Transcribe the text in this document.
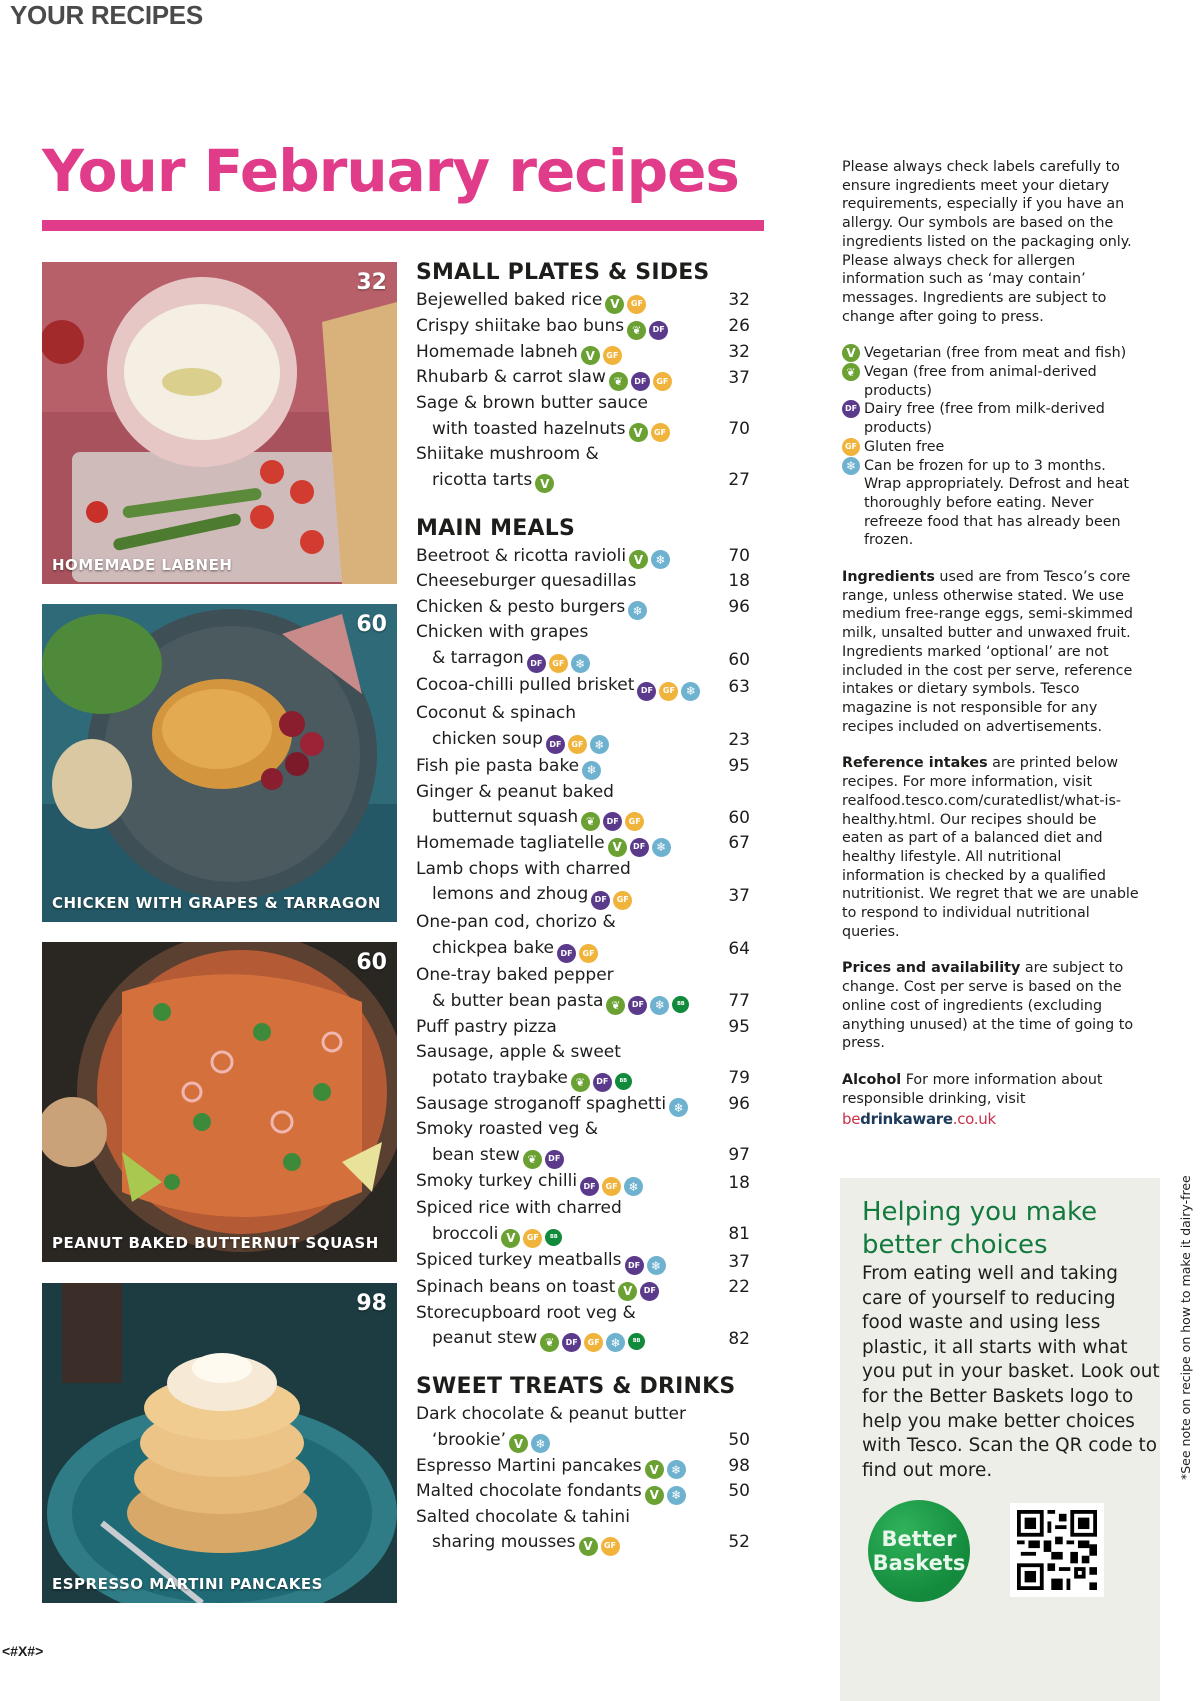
YOUR RECIPES
Your February recipes
32
HOMEMADE LABNEH
60
CHICKEN WITH GRAPES & TARRAGON
60
PEANUT BAKED BUTTERNUT SQUASH
98
ESPRESSO MARTINI PANCAKES
SMALL PLATES & SIDES
Bejewelled baked rice V	GF	32
Crispy shiitake bao buns ❦	DF	26
Homemade labneh V	GF	32
Rhubarb & carrot slaw ❦	DF	GF	37
Sage & brown butter sauce
with toasted hazelnuts V	GF	70
Shiitake mushroom &
ricotta tarts V	27
MAIN MEALS
Beetroot & ricotta ravioli V	❄	70
Cheeseburger quesadillas	18
Chicken & pesto burgers ❄	96
Chicken with grapes
& tarragon DF	GF ❄	60
Cocoa-chilli pulled brisket DF	GF ❄ 63
Coconut & spinach
chicken soup DF	GF ❄	23
Fish pie pasta bake ❄	95
Ginger & peanut baked
butternut squash ❦	DF	GF	60
Homemade tagliatelle V	DF ❄	67
Lamb chops with charred
lemons and zhoug DF	GF	37
One-pan cod, chorizo &
chickpea bake DF	GF	64
One-tray baked pepper
& butter bean pasta ❦	DF ❄	BB	77
Puff pastry pizza	95
Sausage, apple & sweet
potato traybake ❦	DF	BB	79
Sausage stroganoff spaghetti ❄	96
Smoky roasted veg &
bean stew ❦	DF	97
Smoky turkey chilli DF	GF ❄	18
Spiced rice with charred
broccoli V	GF	BB	81
Spiced turkey meatballs DF ❄	37
Spinach beans on toast V	DF	22
Storecupboard root veg &
peanut stew ❦	DF	GF ❄	BB	82
SWEET TREATS & DRINKS
Dark chocolate & peanut butter
‘brookie’ V	❄	50
Espresso Martini pancakes V	❄	98
Malted chocolate fondants V	❄	50
Salted chocolate & tahini
sharing mousses V	GF	52

Please always check labels carefully to ensure ingredients meet your dietary requirements, especially if you have an allergy. Our symbols are based on the ingredients listed on the packaging only. Please always check for allergen information such as ‘may contain’ messages. Ingredients are subject to change after going to press.

V Vegetarian (free from meat and fish)
❦ Vegan (free from animal-derived products)
DF Dairy free (free from milk-derived products)
GF Gluten free
❄ Can be frozen for up to 3 months. Wrap appropriately. Defrost and heat thoroughly before eating. Never refreeze food that has already been frozen.

Ingredients used are from Tesco’s core range, unless otherwise stated. We use medium free-range eggs, semi-skimmed milk, unsalted butter and unwaxed fruit. Ingredients marked ‘optional’ are not included in the cost per serve, reference intakes or dietary symbols. Tesco magazine is not responsible for any recipes included on advertisements.

Reference intakes are printed below recipes. For more information, visit realfood.tesco.com/curatedlist/what-is-healthy.html. Our recipes should be eaten as part of a balanced diet and healthy lifestyle. All nutritional information is checked by a qualified nutritionist. We regret that we are unable to respond to individual nutritional queries.

Prices and availability are subject to change. Cost per serve is based on the online cost of ingredients (excluding anything unused) at the time of going to press.

Alcohol For more information about responsible drinking, visit

bedrinkaware.co.uk
Helping you make better choices
From eating well and taking care of yourself to reducing food waste and using less plastic, it all starts with what you put in your basket. Look out for the Better Baskets logo to help you make better choices with Tesco. Scan the QR code to find out more.
Better
Baskets
*See note on recipe on how to make it dairy-free
<#X#>
